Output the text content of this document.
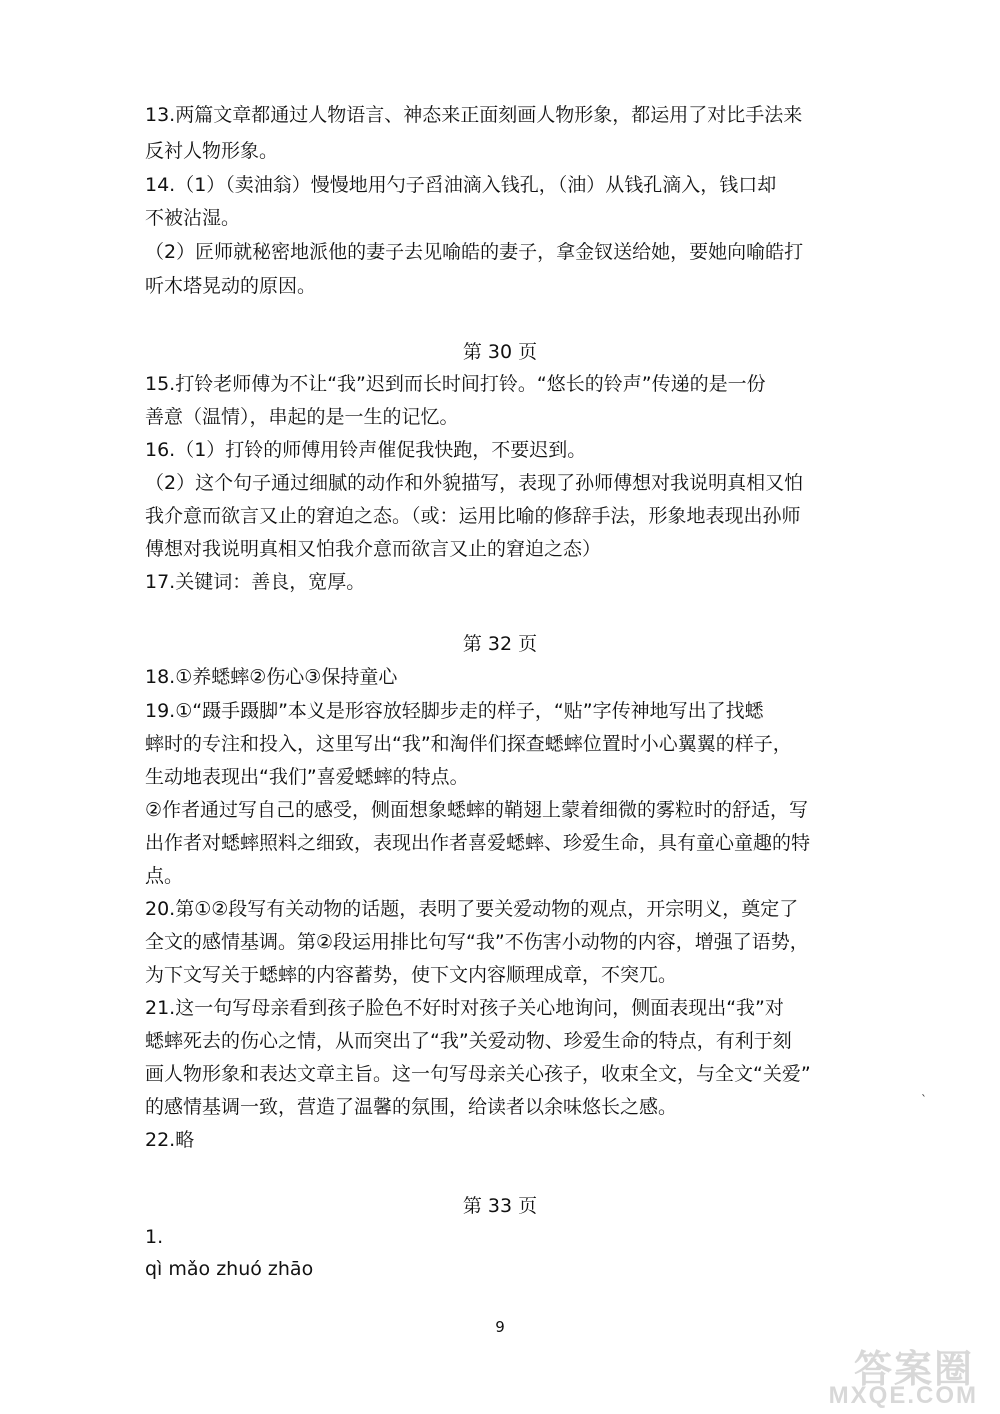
13.两篇文章都通过人物语言、神态来正面刻画人物形象，都运用了对比手法来
反衬人物形象。
14.（1）（卖油翁）慢慢地用勺子舀油滴入钱孔，（油）从钱孔滴入，钱口却
不被沾湿。
（2）匠师就秘密地派他的妻子去见喻皓的妻子，拿金钗送给她，要她向喻皓打
听木塔晃动的原因。
第 30 页
15.打铃老师傅为不让“我”迟到而长时间打铃。“悠长的铃声”传递的是一份
善意（温情），串起的是一生的记忆。
16.（1）打铃的师傅用铃声催促我快跑，不要迟到。
（2）这个句子通过细腻的动作和外貌描写，表现了孙师傅想对我说明真相又怕
我介意而欲言又止的窘迫之态。（或：运用比喻的修辞手法，形象地表现出孙师
傅想对我说明真相又怕我介意而欲言又止的窘迫之态）
17.关键词：善良，宽厚。
第 32 页
18.①养蟋蟀②伤心③保持童心
19.①“蹑手蹑脚”本义是形容放轻脚步走的样子，“贴”字传神地写出了找蟋
蟀时的专注和投入，这里写出“我”和淘伴们探查蟋蟀位置时小心翼翼的样子，
生动地表现出“我们”喜爱蟋蟀的特点。
②作者通过写自己的感受，侧面想象蟋蟀的鞘翅上蒙着细微的雾粒时的舒适，写
出作者对蟋蟀照料之细致，表现出作者喜爱蟋蟀、珍爱生命，具有童心童趣的特
点。
20.第①②段写有关动物的话题，表明了要关爱动物的观点，开宗明义，奠定了
全文的感情基调。第②段运用排比句写“我”不伤害小动物的内容，增强了语势，
为下文写关于蟋蟀的内容蓄势，使下文内容顺理成章，不突兀。
21.这一句写母亲看到孩子脸色不好时对孩子关心地询问，侧面表现出“我”对
蟋蟀死去的伤心之情，从而突出了“我”关爱动物、珍爱生命的特点，有利于刻
画人物形象和表达文章主旨。这一句写母亲关心孩子，收束全文，与全文“关爱”
的感情基调一致，营造了温馨的氛围，给读者以余味悠长之感。
22.略
第 33 页
1.
qì mǎo zhuó zhāo
ˋ
9
答案圈
MXQE.COM
